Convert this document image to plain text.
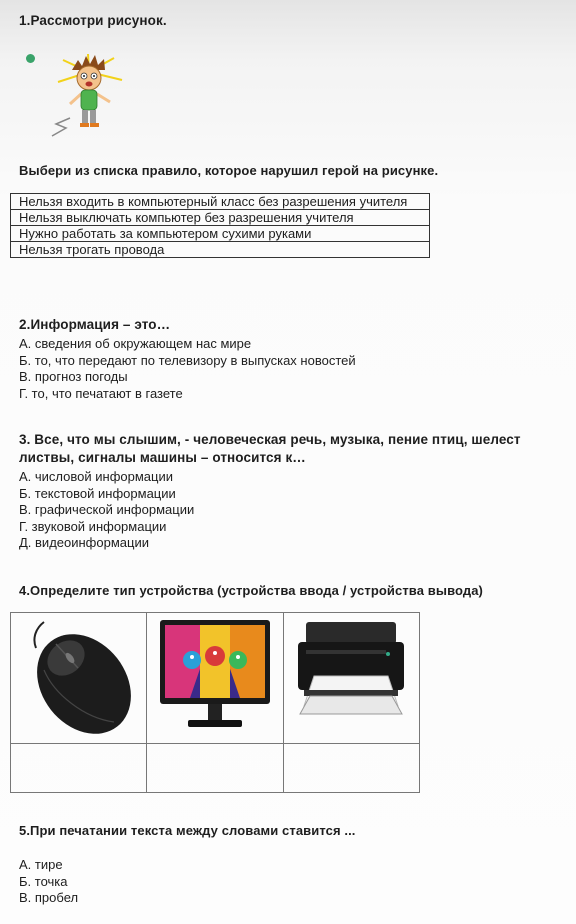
1.Рассмотри рисунок.
Выбери из списка правило, которое нарушил герой на рисунке.
Нельзя входить в компьютерный класс без разрешения учителя
Нельзя выключать компьютер без разрешения учителя
Нужно работать за компьютером сухими руками
Нельзя трогать провода
2.Информация – это…
А. сведения об окружающем нас мире
Б. то, что передают по телевизору в выпусках новостей
В. прогноз погоды
Г. то, что печатают в газете
3. Все, что мы слышим, - человеческая речь, музыка, пение птиц, шелест
листвы, сигналы машины – относится к…
А. числовой информации
Б. текстовой информации
В. графической информации
Г. звуковой информации
Д. видеоинформации
4.Определите тип устройства (устройства ввода / устройства вывода)

5.При печатании текста между словами ставится ...
А. тире
Б. точка
В. пробел
